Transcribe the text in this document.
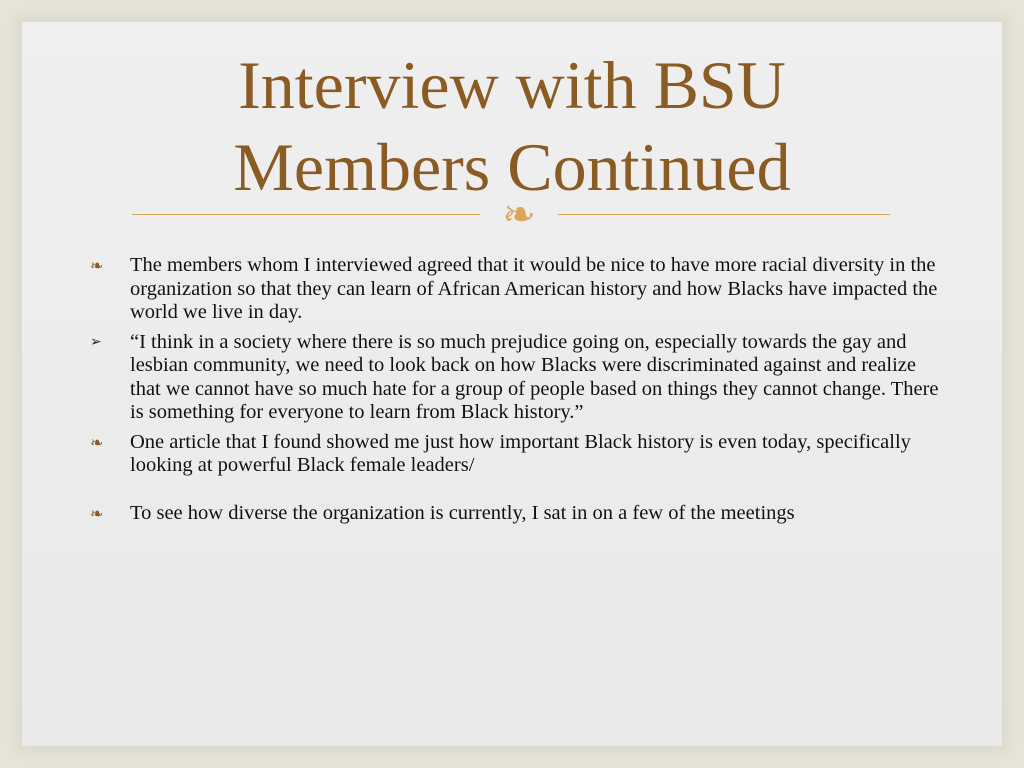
Interview with BSU
Members Continued
❧
❧	The members whom I interviewed agreed that it would be nice to have more racial diversity in the organization so that they can learn of African American history and how Blacks have impacted the world we live in day.
➢	“I think in a society where there is so much prejudice going on, especially towards the gay and lesbian community, we need to look back on how Blacks were discriminated against and realize that we cannot have so much hate for a group of people based on things they cannot change. There is something for everyone to learn from Black history.”
❧	One article that I found showed me just how important Black history is even today, specifically looking at powerful Black female leaders/
❧	To see how diverse the organization is currently, I sat in on a few of the meetings
